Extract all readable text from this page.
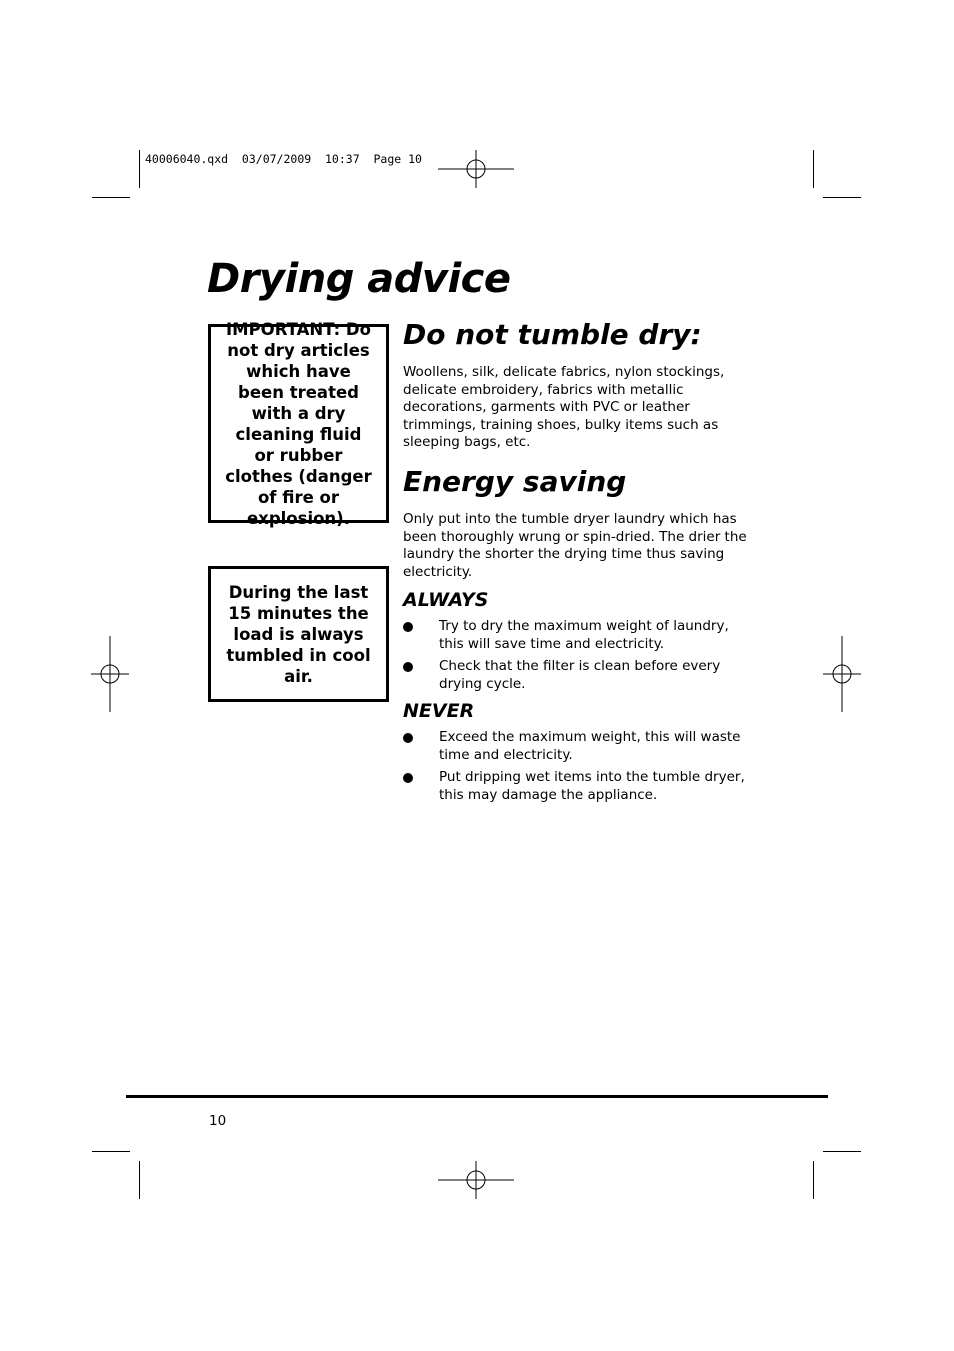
40006040.qxd  03/07/2009  10:37  Page 10
Drying advice
IMPORTANT: Do not dry articles which have been treated with a dry cleaning fluid or rubber clothes (danger of fire or explosion).
During the last 15 minutes the load is always tumbled in cool air.
Do not tumble dry:
Woollens, silk, delicate fabrics, nylon stockings, delicate embroidery, fabrics with metallic decorations, garments with PVC or leather trimmings, training shoes, bulky items such as sleeping bags, etc.
Energy saving
Only put into the tumble dryer laundry which has been thoroughly wrung or spin-dried. The drier the laundry the shorter the drying time thus saving electricity.
ALWAYS
Try to dry the maximum weight of laundry, this will save time and electricity.
Check that the filter is clean before every drying cycle.
NEVER
Exceed the maximum weight, this will waste time and electricity.
Put dripping wet items into the tumble dryer, this may damage the appliance.
10
